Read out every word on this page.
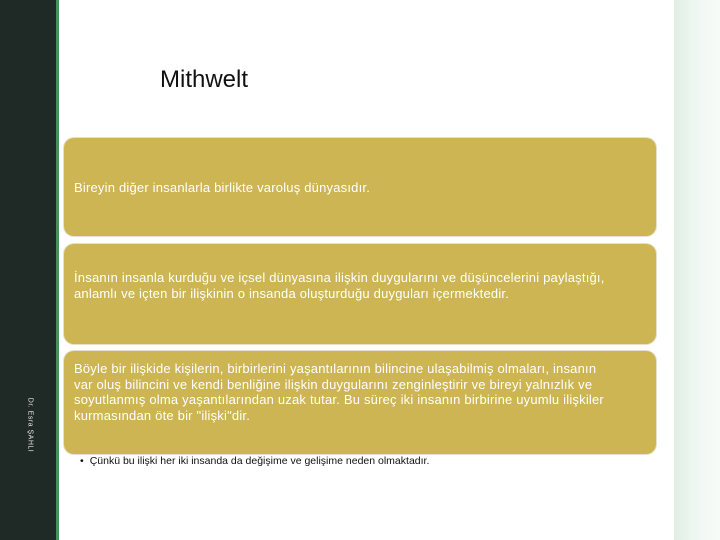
Dr. Esra ŞAHLI
Mithwelt
Bireyin diğer insanlarla birlikte varoluş dünyasıdır.
İnsanın insanla kurduğu ve içsel dünyasına ilişkin duygularını ve düşüncelerini paylaştığı, anlamlı ve içten bir ilişkinin o insanda oluşturduğu duyguları içermektedir.
Böyle bir ilişkide kişilerin, birbirlerini yaşantılarının bilincine ulaşabilmiş olmaları, insanın var oluş bilincini ve kendi benliğine ilişkin duygularını zenginleştirir ve bireyi yalnızlık ve soyutlanmış olma yaşantılarından uzak tutar. Bu süreç iki insanın birbirine uyumlu ilişkiler kurmasından öte bir "ilişki"dir.
• Çünkü bu ilişki her iki insanda da değişime ve gelişime neden olmaktadır.
